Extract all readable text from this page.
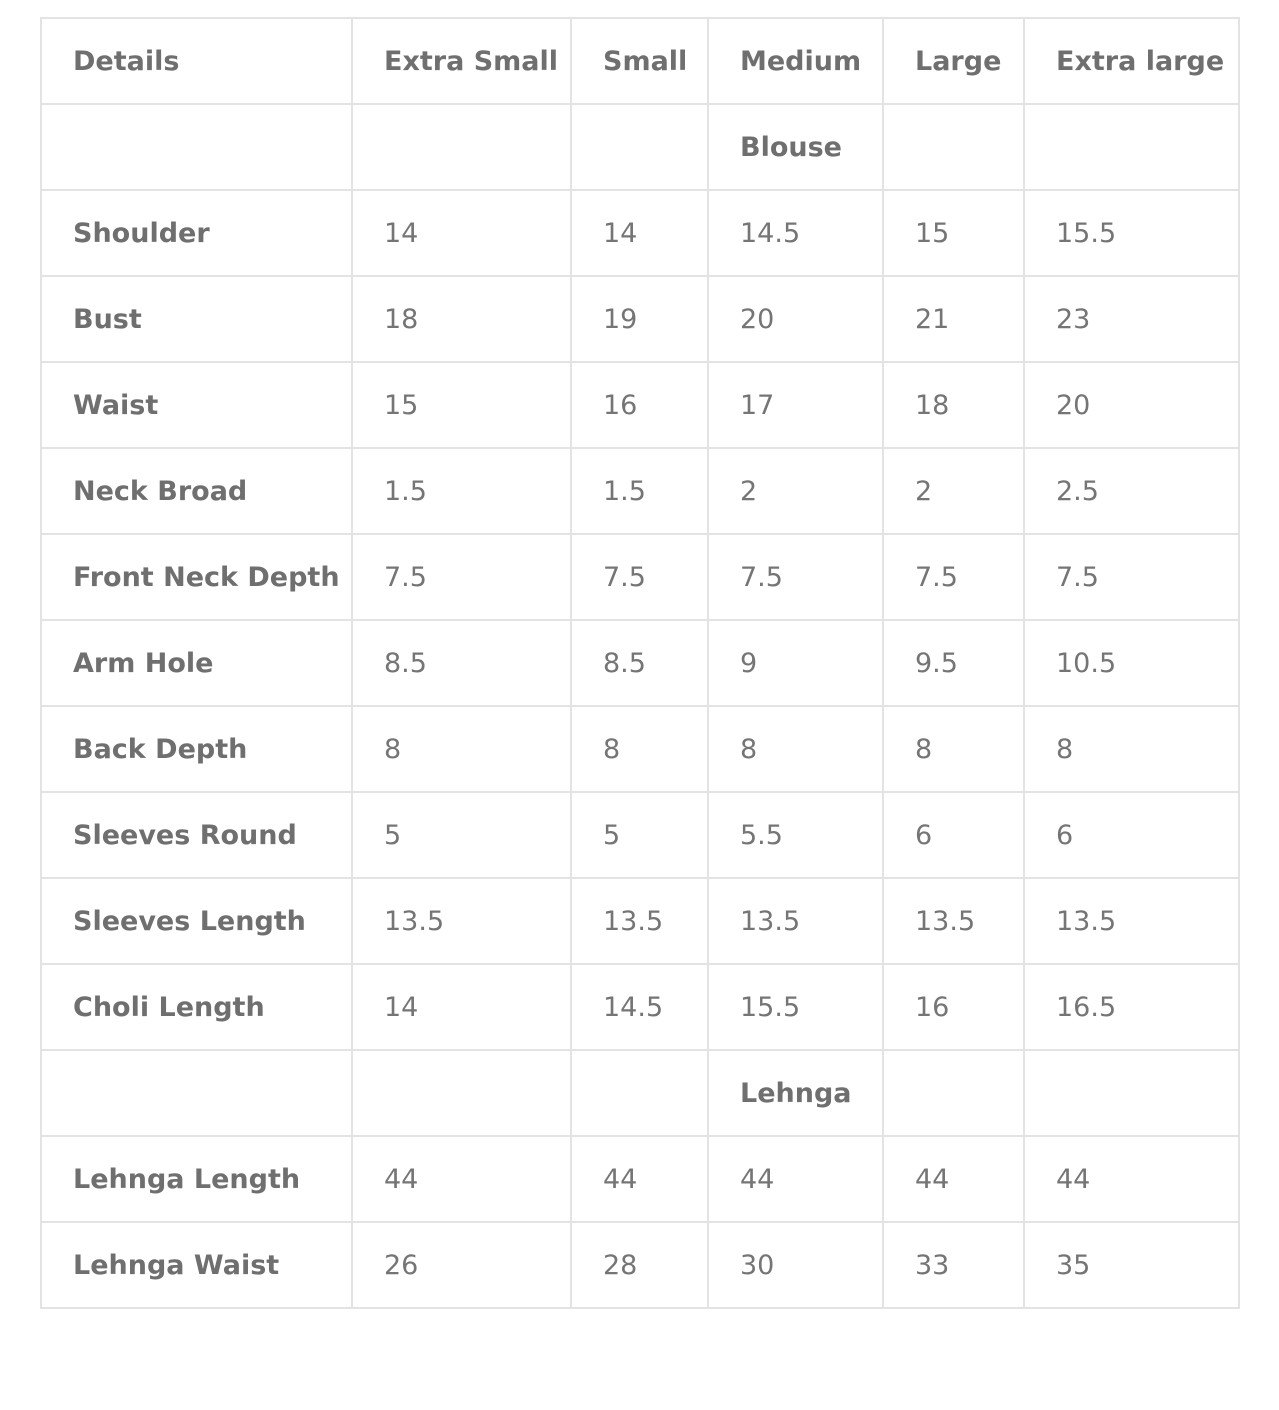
Details	Extra Small	Small	Medium	Large	Extra large
			Blouse		
Shoulder	14	14	14.5	15	15.5
Bust	18	19	20	21	23
Waist	15	16	17	18	20
Neck Broad	1.5	1.5	2	2	2.5
Front Neck Depth	7.5	7.5	7.5	7.5	7.5
Arm Hole	8.5	8.5	9	9.5	10.5
Back Depth	8	8	8	8	8
Sleeves Round	5	5	5.5	6	6
Sleeves Length	13.5	13.5	13.5	13.5	13.5
Choli Length	14	14.5	15.5	16	16.5
			Lehnga		
Lehnga Length	44	44	44	44	44
Lehnga Waist	26	28	30	33	35
